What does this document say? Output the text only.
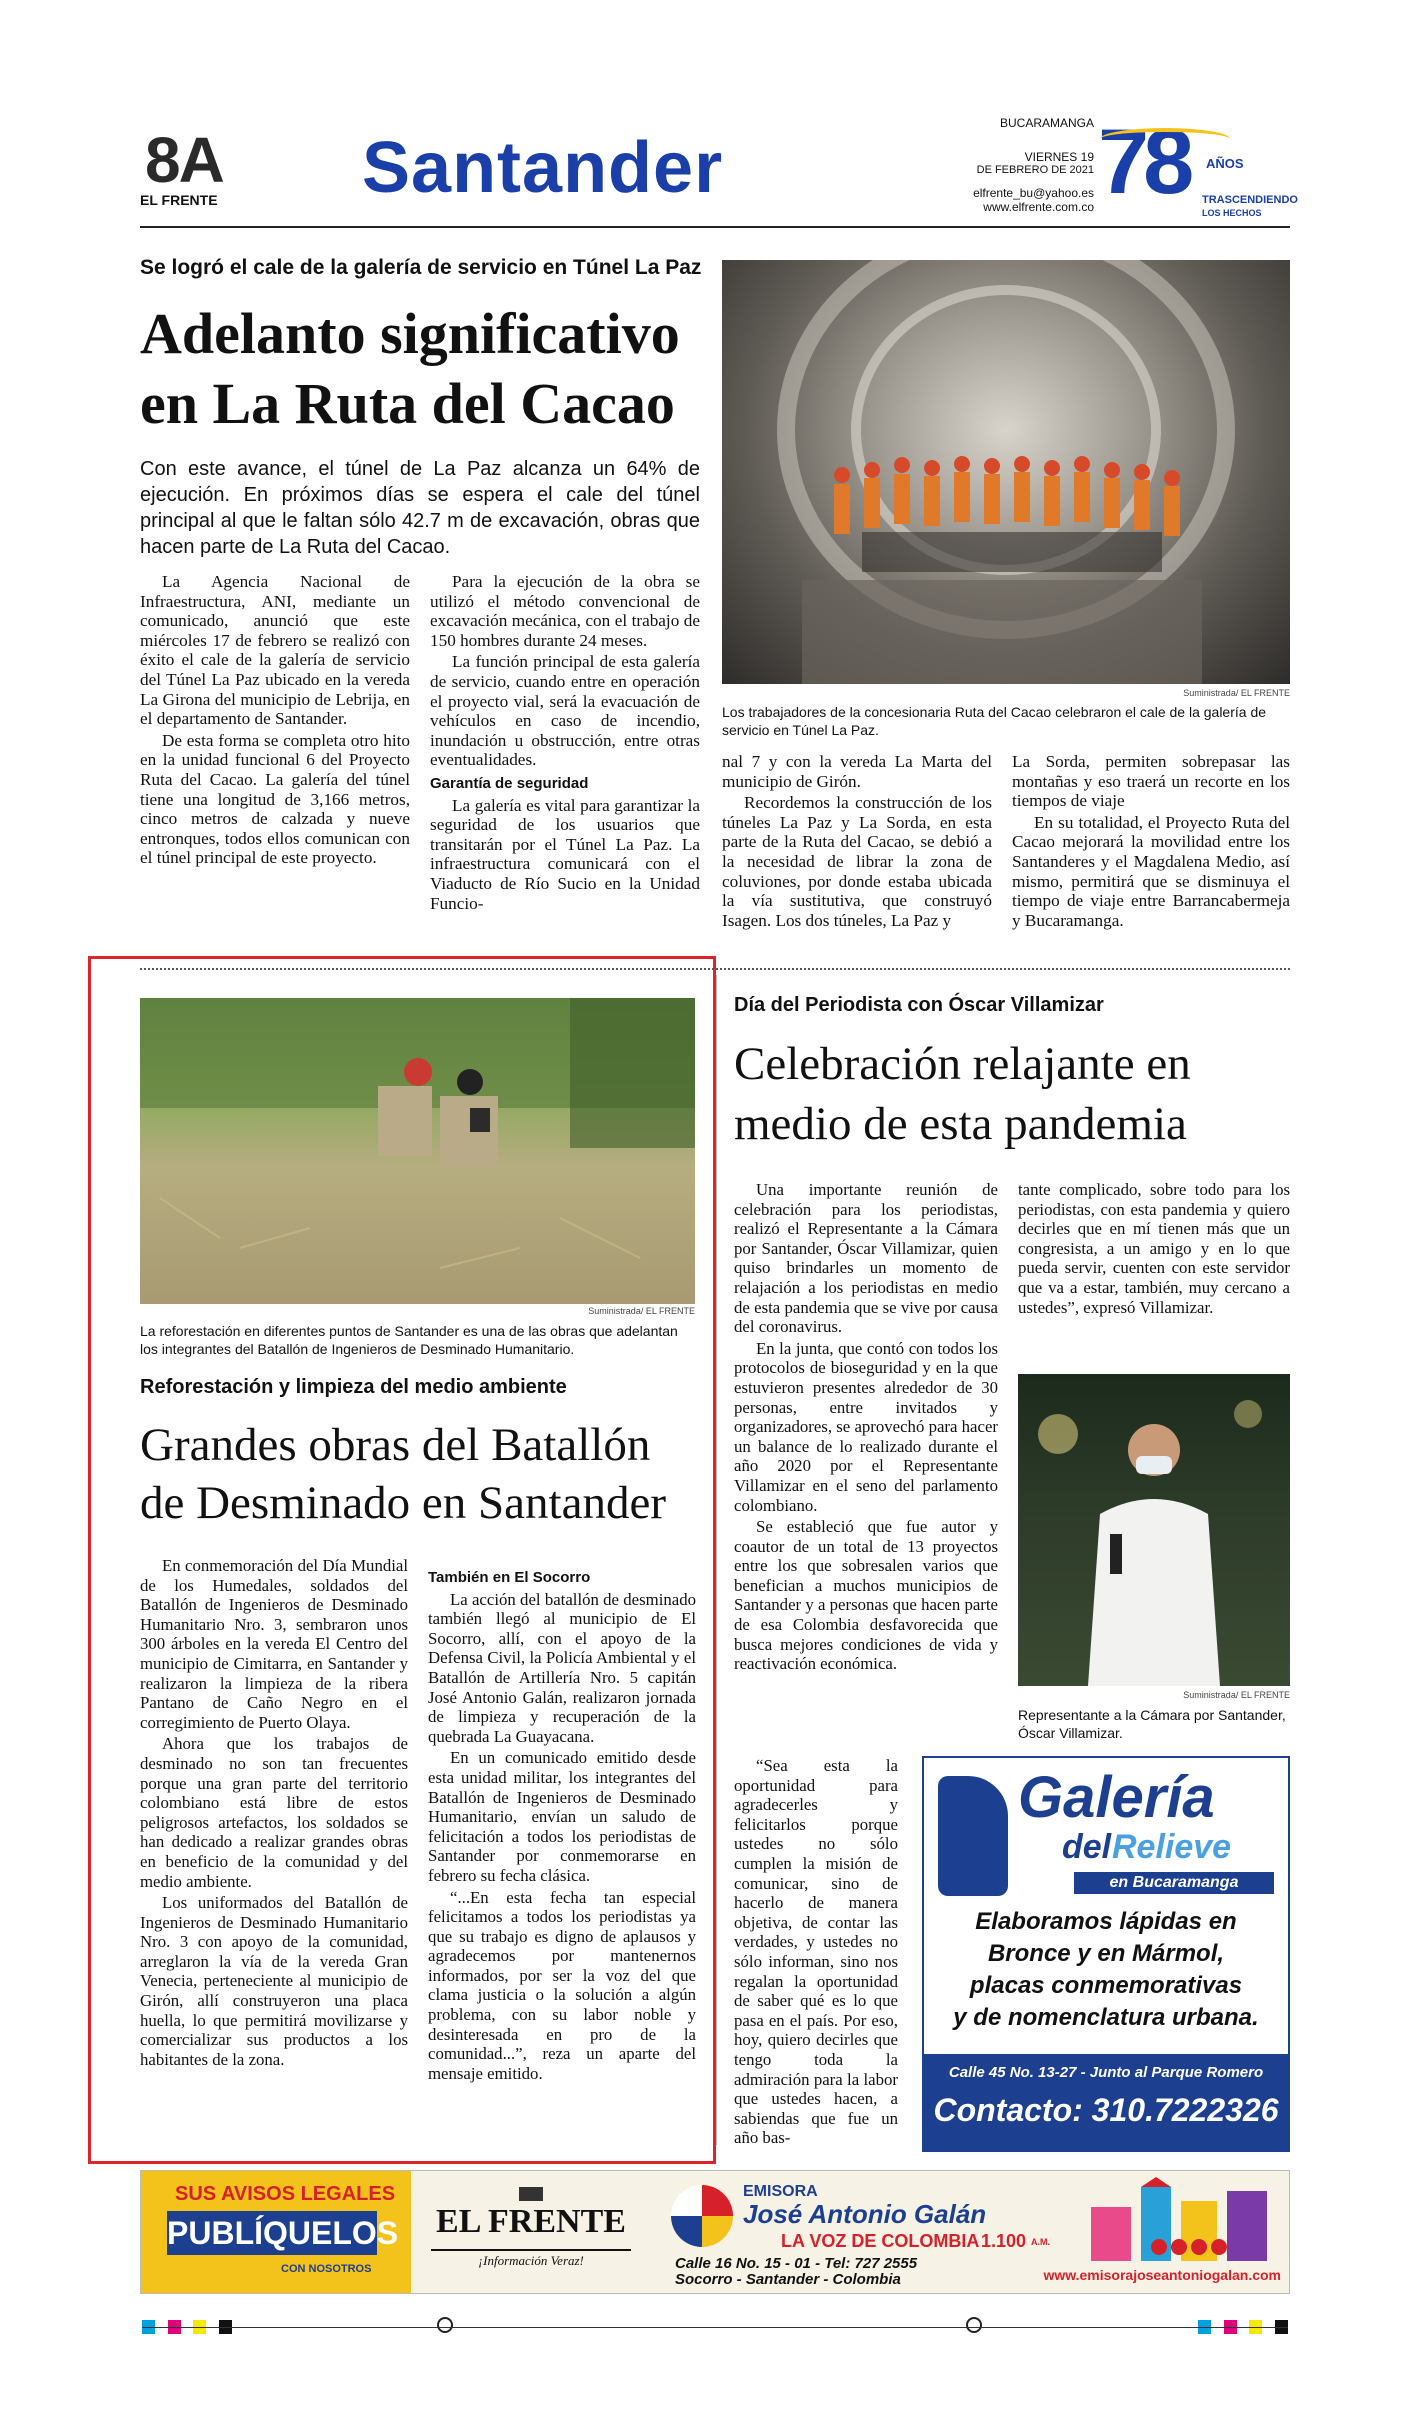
8A
EL FRENTE Santander
BUCARAMANGA
VIERNES 19
DE FEBRERO DE 2021
elfrente_bu@yahoo.es
www.elfrente.com.co 78 AÑOS
TRASCENDIENDO
LOS HECHOS
Se logró el cale de la galería de servicio en Túnel La Paz
Adelanto significativo
en La Ruta del Cacao
Con este avance, el túnel de La Paz alcanza un 64% de ejecución. En próximos días se espera el cale del túnel principal al que le faltan sólo 42.7 m de excavación, obras que hacen parte de La Ruta del Cacao.

La Agencia Nacional de Infraestructura, ANI, mediante un comunicado, anunció que este miércoles 17 de febrero se realizó con éxito el cale de la galería de servicio del Túnel La Paz ubicado en la vereda La Girona del municipio de Lebrija, en el departamento de Santander.

De esta forma se completa otro hito en la unidad funcional 6 del Proyecto Ruta del Cacao. La galería del túnel tiene una longitud de 3,166 metros, cinco metros de calzada y nueve entronques, todos ellos comunican con el túnel principal de este proyecto.

Para la ejecución de la obra se utilizó el método convencional de excavación mecánica, con el trabajo de 150 hombres durante 24 meses.

La función principal de esta galería de servicio, cuando entre en operación el proyecto vial, será la evacuación de vehículos en caso de incendio, inundación u obstrucción, entre otras eventualidades.

Garantía de seguridad

La galería es vital para garantizar la seguridad de los usuarios que transitarán por el Túnel La Paz. La infraestructura comunicará con el Viaducto de Río Sucio en la Unidad Funcio-

Suministrada/ EL FRENTE
Los trabajadores de la concesionaria Ruta del Cacao celebraron el cale de la galería de servicio en Túnel La Paz.

nal 7 y con la vereda La Marta del municipio de Girón.

Recordemos la construcción de los túneles La Paz y La Sorda, en esta parte de la Ruta del Cacao, se debió a la necesidad de librar la zona de coluviones, por donde estaba ubicada la vía sustitutiva, que construyó Isagen. Los dos túneles, La Paz y

La Sorda, permiten sobrepasar las montañas y eso traerá un recorte en los tiempos de viaje

En su totalidad, el Proyecto Ruta del Cacao mejorará la movilidad entre los Santanderes y el Magdalena Medio, así mismo, permitirá que se disminuya el tiempo de viaje entre Barrancabermeja y Bucaramanga.

Suministrada/ EL FRENTE
La reforestación en diferentes puntos de Santander es una de las obras que adelantan los integrantes del Batallón de Ingenieros de Desminado Humanitario.
Reforestación y limpieza del medio ambiente
Grandes obras del Batallón
de Desminado en Santander

En conmemoración del Día Mundial de los Humedales, soldados del Batallón de Ingenieros de Desminado Humanitario Nro. 3, sembraron unos 300 árboles en la vereda El Centro del municipio de Cimitarra, en Santander y realizaron la limpieza de la ribera Pantano de Caño Negro en el corregimiento de Puerto Olaya.

Ahora que los trabajos de desminado no son tan frecuentes porque una gran parte del territorio colombiano está libre de estos peligrosos artefactos, los soldados se han dedicado a realizar grandes obras en beneficio de la comunidad y del medio ambiente.

Los uniformados del Batallón de Ingenieros de Desminado Humanitario Nro. 3 con apoyo de la comunidad, arreglaron la vía de la vereda Gran Venecia, perteneciente al municipio de Girón, allí construyeron una placa huella, lo que permitirá movilizarse y comercializar sus productos a los habitantes de la zona.

También en El Socorro

La acción del batallón de desminado también llegó al municipio de El Socorro, allí, con el apoyo de la Defensa Civil, la Policía Ambiental y el Batallón de Artillería Nro. 5 capitán José Antonio Galán, realizaron jornada de limpieza y recuperación de la quebrada La Guayacana.

En un comunicado emitido desde esta unidad militar, los integrantes del Batallón de Ingenieros de Desminado Humanitario, envían un saludo de felicitación a todos los periodistas de Santander por conmemorarse en febrero su fecha clásica.

“...En esta fecha tan especial felicitamos a todos los periodistas ya que su trabajo es digno de aplausos y agradecemos por mantenernos informados, por ser la voz del que clama justicia o la solución a algún problema, con su labor noble y desinteresada en pro de la comunidad...”, reza un aparte del mensaje emitido.

Día del Periodista con Óscar Villamizar
Celebración relajante en
medio de esta pandemia

Una importante reunión de celebración para los periodistas, realizó el Representante a la Cámara por Santander, Óscar Villamizar, quien quiso brindarles un momento de relajación a los periodistas en medio de esta pandemia que se vive por causa del coronavirus.

En la junta, que contó con todos los protocolos de bioseguridad y en la que estuvieron presentes alrededor de 30 personas, entre invitados y organizadores, se aprovechó para hacer un balance de lo realizado durante el año 2020 por el Representante Villamizar en el seno del parlamento colombiano.

Se estableció que fue autor y coautor de un total de 13 proyectos entre los que sobresalen varios que benefician a muchos municipios de Santander y a personas que hacen parte de esa Colombia desfavorecida que busca mejores condiciones de vida y reactivación económica.

“Sea esta la oportunidad para agradecerles y felicitarlos porque ustedes no sólo cumplen la misión de comunicar, sino de hacerlo de manera objetiva, de contar las verdades, y ustedes no sólo informan, sino nos regalan la oportunidad de saber qué es lo que pasa en el país. Por eso, hoy, quiero decirles que tengo toda la admiración para la labor que ustedes hacen, a sabiendas que fue un año bas-

tante complicado, sobre todo para los periodistas, con esta pandemia y quiero decirles que en mí tienen más que un congresista, a un amigo y en lo que pueda servir, cuenten con este servidor que va a estar, también, muy cercano a ustedes”, expresó Villamizar.

Suministrada/ EL FRENTE
Representante a la Cámara por Santander, Óscar Villamizar.
Galería
del Relieve
en Bucaramanga
Elaboramos lápidas en
Bronce y en Mármol,
placas conmemorativas
y de nomenclatura urbana.
Calle 45 No. 13-27 - Junto al Parque Romero
Contacto: 310.7222326
SUS AVISOS LEGALES
PUBLÍQUELOS
CON NOSOTROS
EL FRENTE
¡Información Veraz!
EMISORA
José Antonio Galán
LA VOZ DE COLOMBIA 1.100 A.M.
Calle 16 No. 15 - 01 - Tel: 727 2555
Socorro - Santander - Colombia	www.emisorajoseantoniogalan.com
